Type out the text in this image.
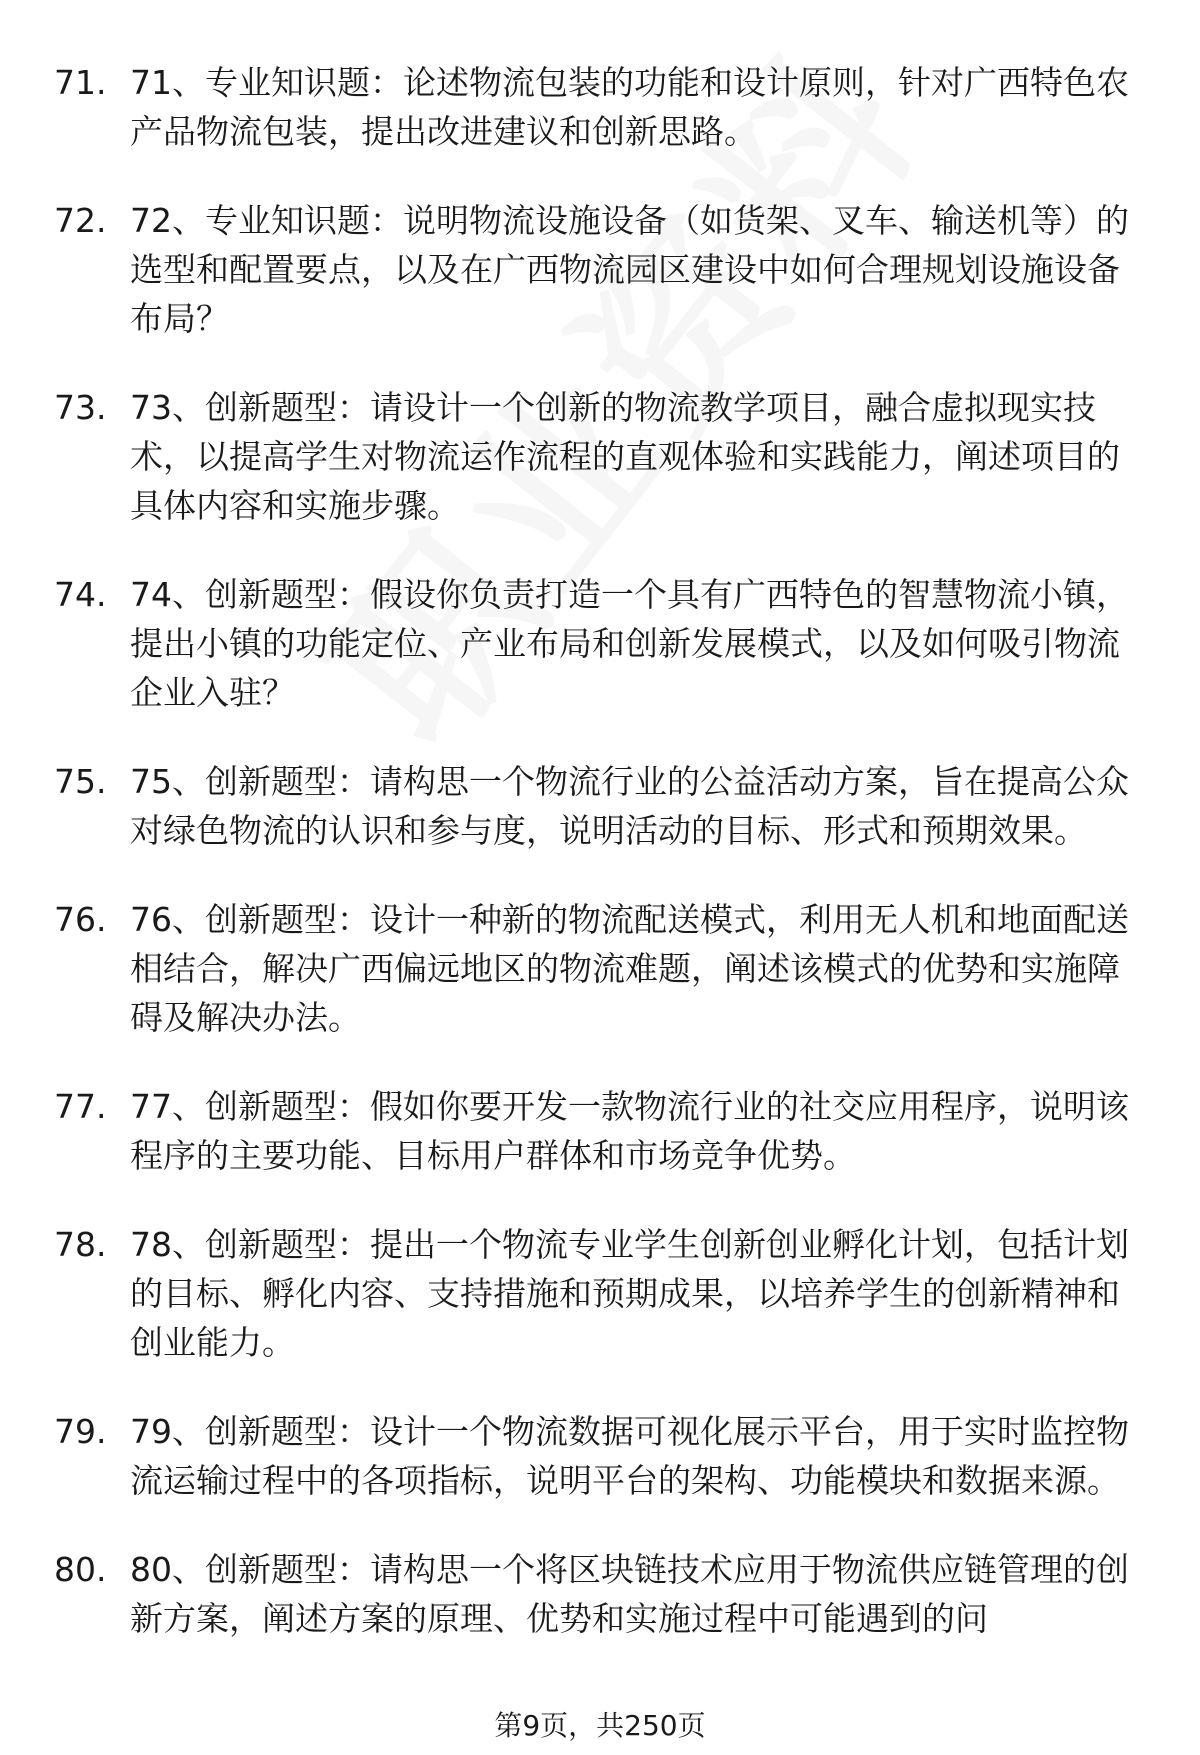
71. 71、专业知识题：论述物流包装的功能和设计原则，针对广西特色农产品物流包装，提出改进建议和创新思路。
72. 72、专业知识题：说明物流设施设备（如货架、叉车、输送机等）的选型和配置要点，以及在广西物流园区建设中如何合理规划设施设备布局？
73. 73、创新题型：请设计一个创新的物流教学项目，融合虚拟现实技术，以提高学生对物流运作流程的直观体验和实践能力，阐述项目的具体内容和实施步骤。
74. 74、创新题型：假设你负责打造一个具有广西特色的智慧物流小镇，提出小镇的功能定位、产业布局和创新发展模式，以及如何吸引物流企业入驻？
75. 75、创新题型：请构思一个物流行业的公益活动方案，旨在提高公众对绿色物流的认识和参与度，说明活动的目标、形式和预期效果。
76. 76、创新题型：设计一种新的物流配送模式，利用无人机和地面配送相结合，解决广西偏远地区的物流难题，阐述该模式的优势和实施障碍及解决办法。
77. 77、创新题型：假如你要开发一款物流行业的社交应用程序，说明该程序的主要功能、目标用户群体和市场竞争优势。
78. 78、创新题型：提出一个物流专业学生创新创业孵化计划，包括计划的目标、孵化内容、支持措施和预期成果，以培养学生的创新精神和创业能力。
79. 79、创新题型：设计一个物流数据可视化展示平台，用于实时监控物流运输过程中的各项指标，说明平台的架构、功能模块和数据来源。
80. 80、创新题型：请构思一个将区块链技术应用于物流供应链管理的创新方案，阐述方案的原理、优势和实施过程中可能遇到的问
第9页，共250页
